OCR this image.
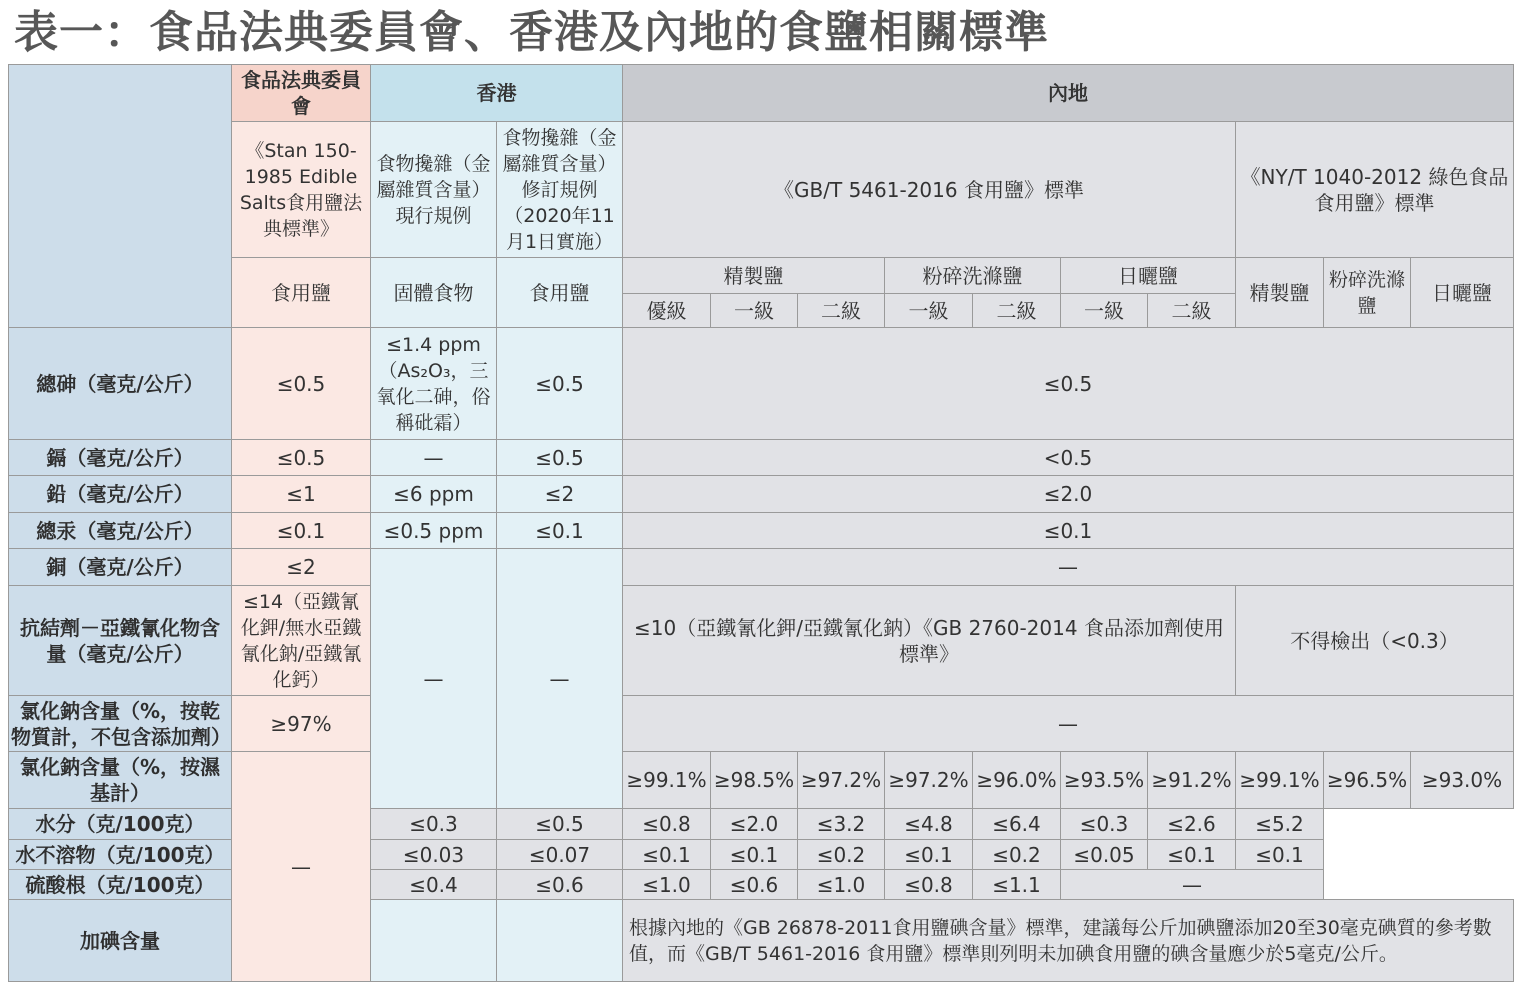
表一：食品法典委員會、香港及內地的食鹽相關標準
	食品法典委員會	香港		內地									
	《Stan 150-1985 Edible Salts食用鹽法典標準》	食物攙雜（金屬雜質含量）現行規例	食物攙雜（金屬雜質含量）修訂規例（2020年11月1日實施）	《GB/T 5461-2016 食用鹽》標準							《NY/T 1040-2012 綠色食品食用鹽》標準		
	食用鹽	固體食物	食用鹽	精製鹽			粉碎洗滌鹽		日曬鹽		精製鹽	粉碎洗滌鹽	日曬鹽
				優級	一級	二級	一級	二級	一級	二級			
總砷（毫克/公斤）	≤0.5	≤1.4 ppm（As₂O₃，三氧化二砷，俗稱砒霜）	≤0.5	≤0.5									
鎘（毫克/公斤）	≤0.5	—	≤0.5	<0.5									
鉛（毫克/公斤）	≤1	≤6 ppm	≤2	≤2.0									
總汞（毫克/公斤）	≤0.1	≤0.5 ppm	≤0.1	≤0.1									
銅（毫克/公斤）	≤2	—	—	—									
抗結劑－亞鐵氰化物含量（毫克/公斤）	≤14（亞鐵氰化鉀/無水亞鐵氰化鈉/亞鐵氰化鈣）			≤10（亞鐵氰化鉀/亞鐵氰化鈉）《GB 2760-2014 食品添加劑使用標準》							不得檢出（<0.3）		
氯化鈉含量（%，按乾物質計，不包含添加劑）	≥97%			—									
氯化鈉含量（%，按濕基計）	—			≥99.1%	≥98.5%	≥97.2%	≥97.2%	≥96.0%	≥93.5%	≥91.2%	≥99.1%	≥96.5%	≥93.0%
水分（克/100克）		≤0.3	≤0.5	≤0.8	≤2.0	≤3.2	≤4.8	≤6.4	≤0.3	≤2.6	≤5.2		
水不溶物（克/100克）		≤0.03	≤0.07	≤0.1	≤0.1	≤0.2	≤0.1	≤0.2	≤0.05	≤0.1	≤0.1		
硫酸根（克/100克）		≤0.4	≤0.6	≤1.0	≤0.6	≤1.0	≤0.8	≤1.1	—				
加碘含量				根據內地的《GB 26878-2011食用鹽碘含量》標準，建議每公斤加碘鹽添加20至30毫克碘質的參考數值，而《GB/T 5461-2016 食用鹽》標準則列明未加碘食用鹽的碘含量應少於5毫克/公斤。									
